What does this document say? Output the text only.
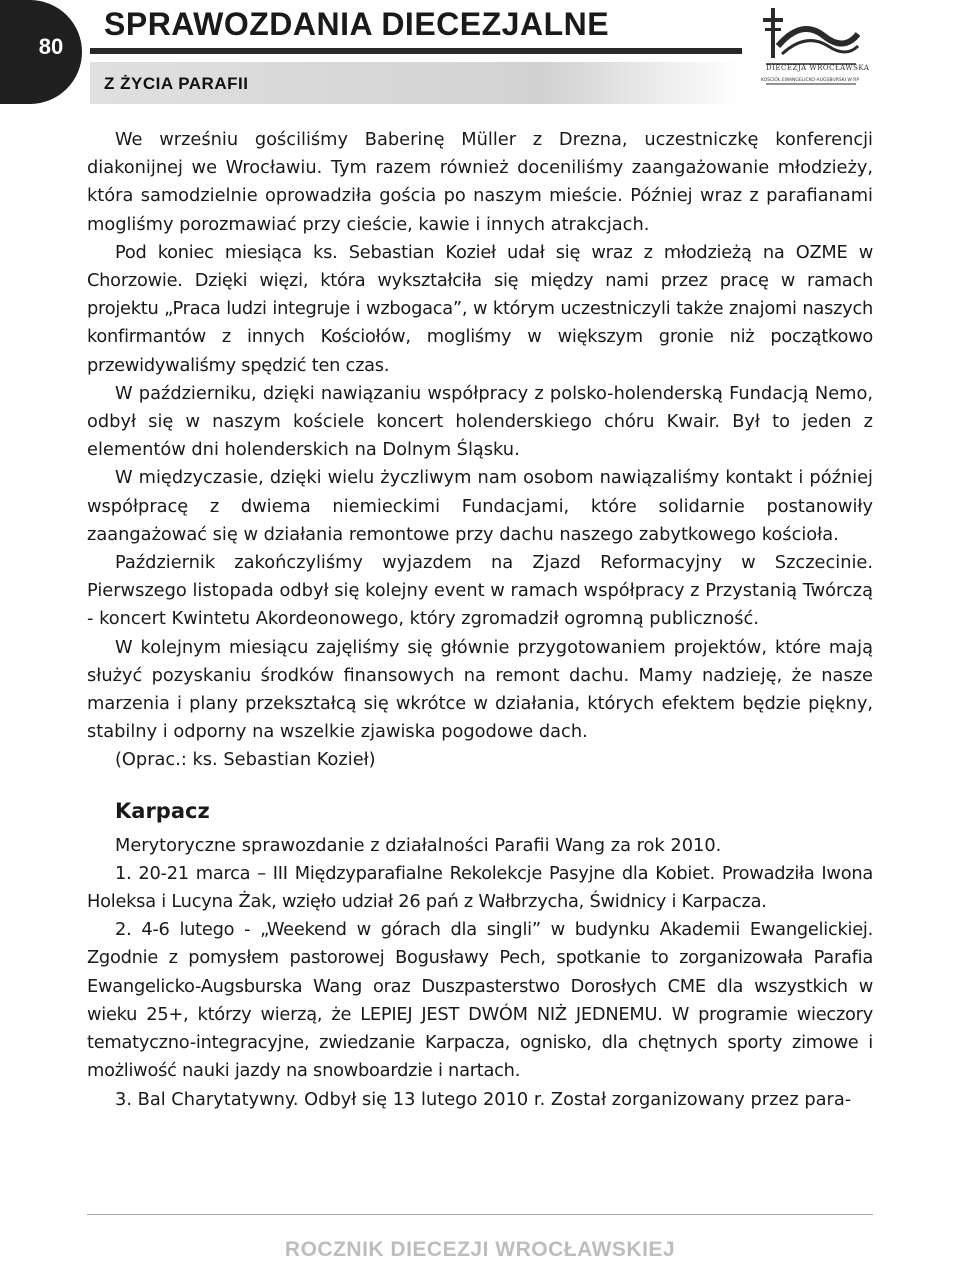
80
SPRAWOZDANIA DIECEZJALNE
Z ŻYCIA PARAFII
DIECEZJA WROCŁAWSKA
KOŚCIÓŁ EWANGELICKO-AUGSBURSKI W RP

We wrześniu gościliśmy Baberinę Müller z Drezna, uczestniczkę konferencji diakonijnej we Wrocławiu. Tym razem również doceniliśmy zaangażowanie młodzieży, która samodzielnie oprowadziła gościa po naszym mieście. Później wraz z parafianami mogliśmy porozmawiać przy cieście, kawie i innych atrakcjach.

Pod koniec miesiąca ks. Sebastian Kozieł udał się wraz z młodzieżą na OZME w Chorzowie. Dzięki więzi, która wykształciła się między nami przez pracę w ramach projektu „Praca ludzi integruje i wzbogaca”, w którym uczestniczyli także znajomi naszych konfirmantów z innych Kościołów, mogliśmy w większym gronie niż początkowo przewidywaliśmy spędzić ten czas.

W październiku, dzięki nawiązaniu współpracy z polsko-holenderską Fundacją Nemo, odbył się w naszym kościele koncert holenderskiego chóru Kwair. Był to jeden z elementów dni holenderskich na Dolnym Śląsku.

W międzyczasie, dzięki wielu życzliwym nam osobom nawiązaliśmy kontakt i później współpracę z dwiema niemieckimi Fundacjami, które solidarnie postanowiły zaangażować się w działania remontowe przy dachu naszego zabytkowego kościoła.

Październik zakończyliśmy wyjazdem na Zjazd Reformacyjny w Szczecinie. Pierwszego listopada odbył się kolejny event w ramach współpracy z Przystanią Twórczą - koncert Kwintetu Akordeonowego, który zgromadził ogromną publiczność.

W kolejnym miesiącu zajęliśmy się głównie przygotowaniem projektów, które mają służyć pozyskaniu środków finansowych na remont dachu. Mamy nadzieję, że nasze marzenia i plany przekształcą się wkrótce w działania, których efektem będzie piękny, stabilny i odporny na wszelkie zjawiska pogodowe dach.

(Oprac.: ks. Sebastian Kozieł)

Karpacz

Merytoryczne sprawozdanie z działalności Parafii Wang za rok 2010.

1. 20-21 marca – III Międzyparafialne Rekolekcje Pasyjne dla Kobiet. Prowadziła Iwona Holeksa i Lucyna Żak, wzięło udział 26 pań z Wałbrzycha, Świdnicy i Karpacza.

2. 4-6 lutego - „Weekend w górach dla singli” w budynku Akademii Ewangelickiej. Zgodnie z pomysłem pastorowej Bogusławy Pech, spotkanie to zorganizowała Parafia Ewangelicko-Augsburska Wang oraz Duszpasterstwo Dorosłych CME dla wszystkich w wieku 25+, którzy wierzą, że LEPIEJ JEST DWÓM NIŻ JEDNEMU. W programie wieczory tematyczno-integracyjne, zwiedzanie Karpacza, ognisko, dla chętnych sporty zimowe i możliwość nauki jazdy na snowboardzie i nartach.

3. Bal Charytatywny. Odbył się 13 lutego 2010 r. Został zorganizowany przez para-

ROCZNIK DIECEZJI WROCŁAWSKIEJ
